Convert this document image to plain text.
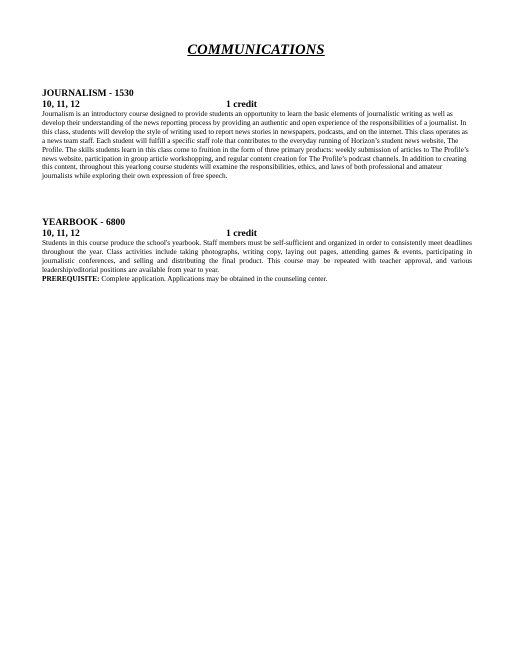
COMMUNICATIONS
JOURNALISM - 1530
10, 11, 12	1 credit

Journalism is an introductory course designed to provide students an opportunity to learn the basic elements of journalistic writing as well as develop their understanding of the news reporting process by providing an authentic and open experience of the responsibilities of a journalist. In this class, students will develop the style of writing used to report news stories in newspapers, podcasts, and on the internet. This class operates as a news team staff. Each student will fulfill a specific staff role that contributes to the everyday running of Horizon’s student news website, The Profile. The skills students learn in this class come to fruition in the form of three primary products: weekly submission of articles to The Profile’s news website, participation in group article workshopping, and regular content creation for The Profile’s podcast channels. In addition to creating this content, throughout this yearlong course students will examine the responsibilities, ethics, and laws of both professional and amateur journalists while exploring their own expression of free speech.

YEARBOOK - 6800
10, 11, 12	1 credit

Students in this course produce the school's yearbook. Staff members must be self-sufficient and organized in order to consistently meet deadlines throughout the year. Class activities include taking photographs, writing copy, laying out pages, attending games & events, participating in journalistic conferences, and selling and distributing the final product. This course may be repeated with teacher approval, and various leadership/editorial positions are available from year to year.

PREREQUISITE: Complete application. Applications may be obtained in the counseling center.
